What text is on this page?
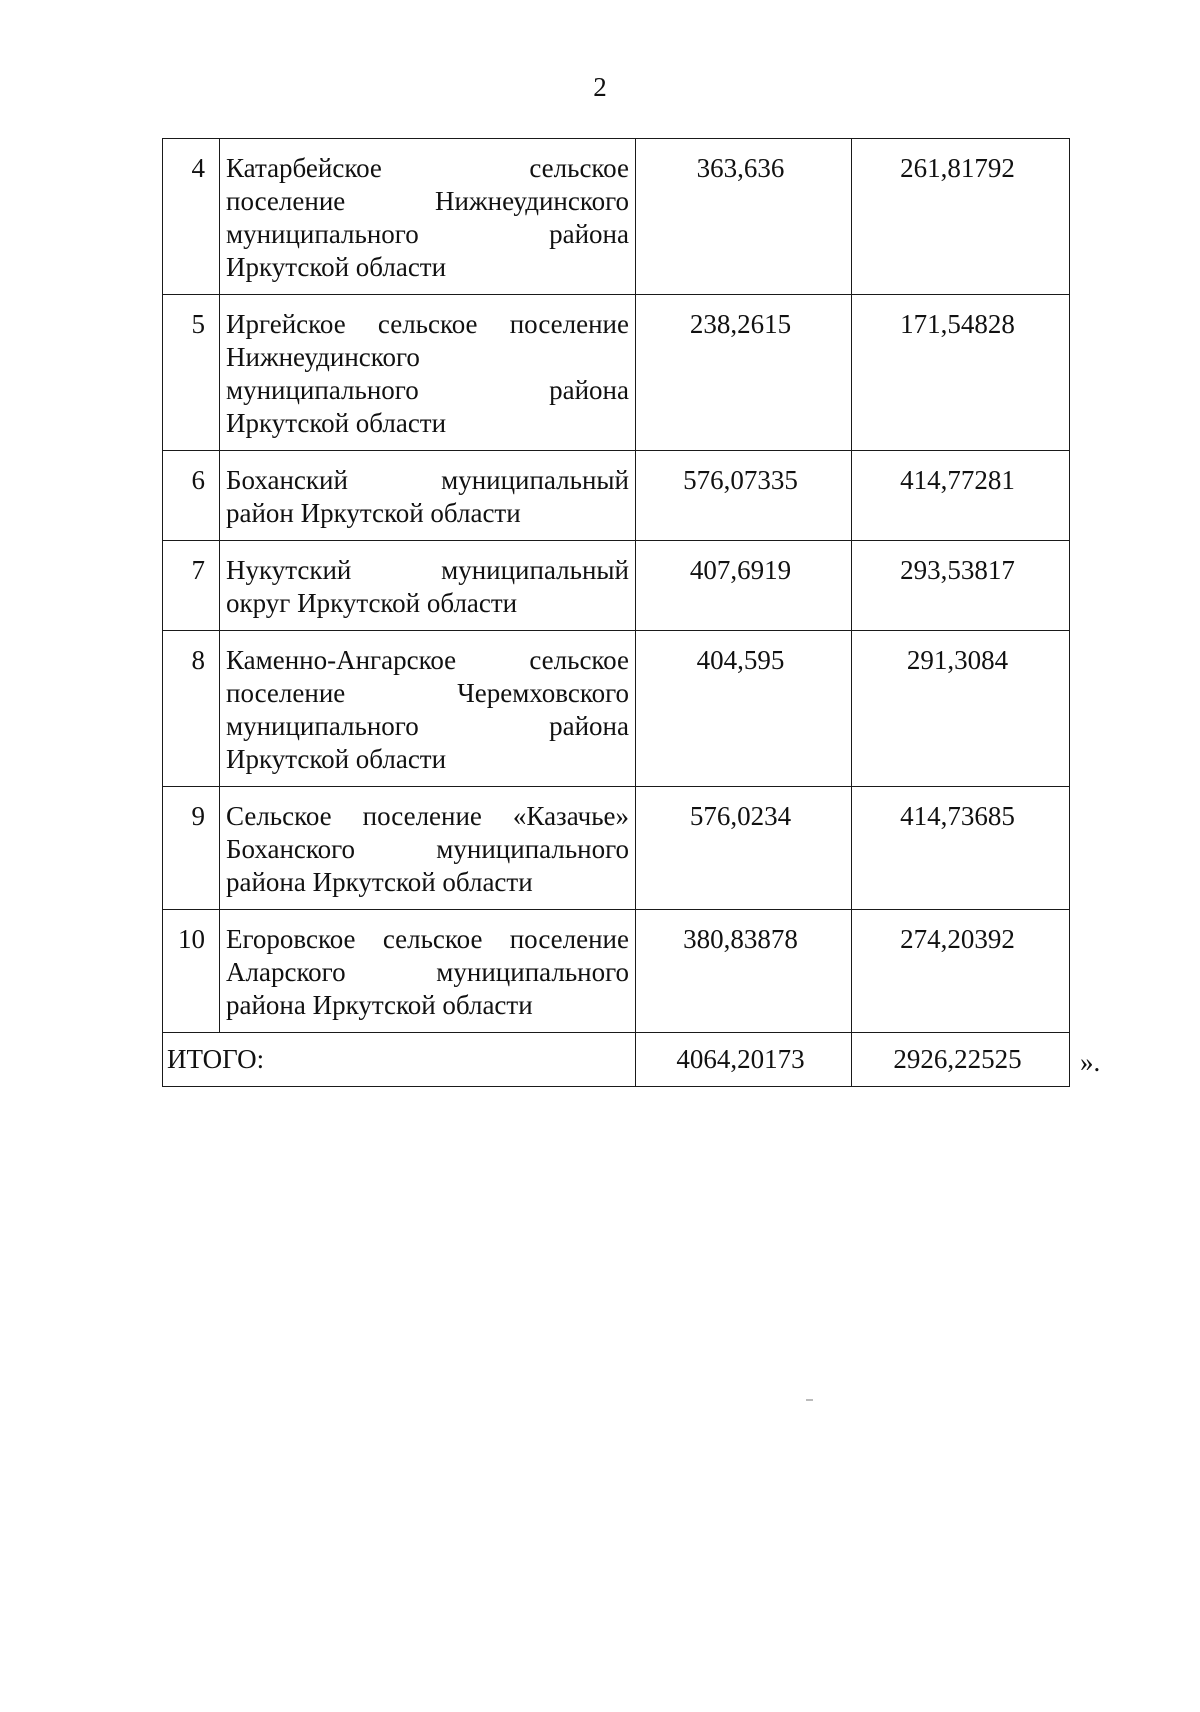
2
4	Катарбейское сельское
поселение Нижнеудинского
муниципального района
Иркутской области	363,636	261,81792
5	Иргейское сельское поселение
Нижнеудинского
муниципального района
Иркутской области	238,2615	171,54828
6	Боханский муниципальный
район Иркутской области	576,07335	414,77281
7	Нукутский муниципальный
округ Иркутской области	407,6919	293,53817
8	Каменно-Ангарское сельское
поселение Черемховского
муниципального района
Иркутской области	404,595	291,3084
9	Сельское поселение «Казачье»
Боханского муниципального
района Иркутской области	576,0234	414,73685
10	Егоровское сельское поселение
Аларского муниципального
района Иркутской области	380,83878	274,20392
ИТОГО:		4064,20173	2926,22525 ».
